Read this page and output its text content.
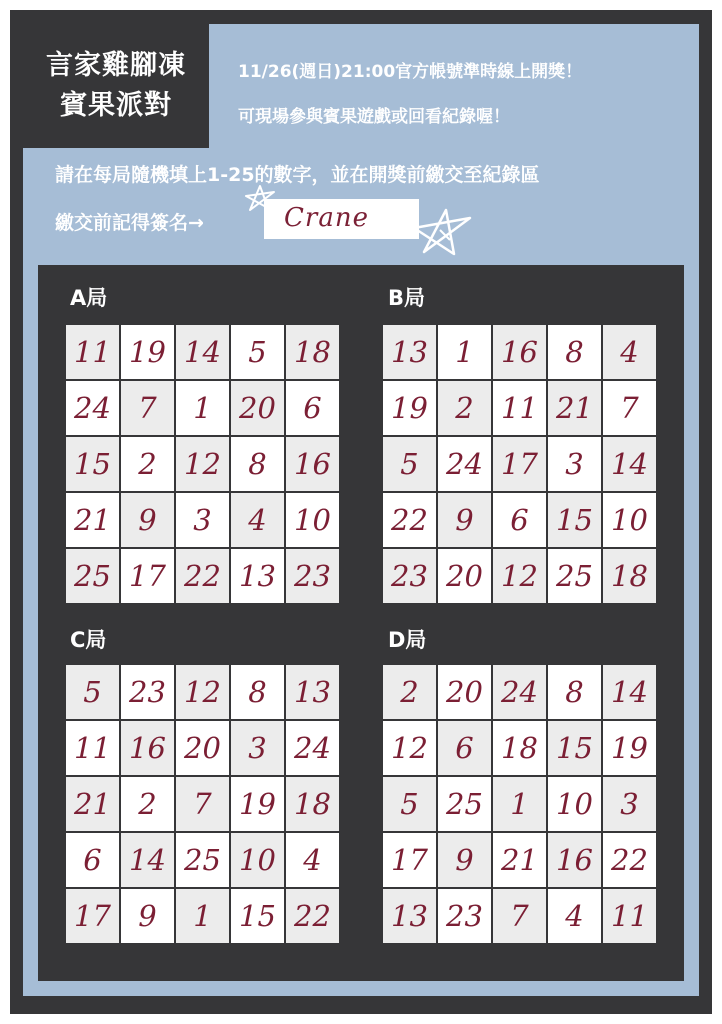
言家雞腳凍
賓果派對
11/26(週日)21:00官方帳號準時線上開獎！
可現場參與賓果遊戲或回看紀錄喔！
請在每局隨機填上1-25的數字，並在開獎前繳交至紀錄區
繳交前記得簽名→	Crane
A局	B局
C局	D局
11 19 14 5 18
24 7	1 20 6
15 2 12 8 16
21 9	3	4 10
25 17 22 13 23
13 1 16 8	4
19 2 11 21 7
5 24 17 3 14
22 9	6 15 10
23 20 12 25 18
5 23 12 8 13
11 16 20 3 24
21 2	7 19 18
6 14 25 10 4
17 9	1 15 22
2 20 24 8 14
12 6 18 15 19
5 25 1 10 3
17 9 21 16 22
13 23 7	4 11
